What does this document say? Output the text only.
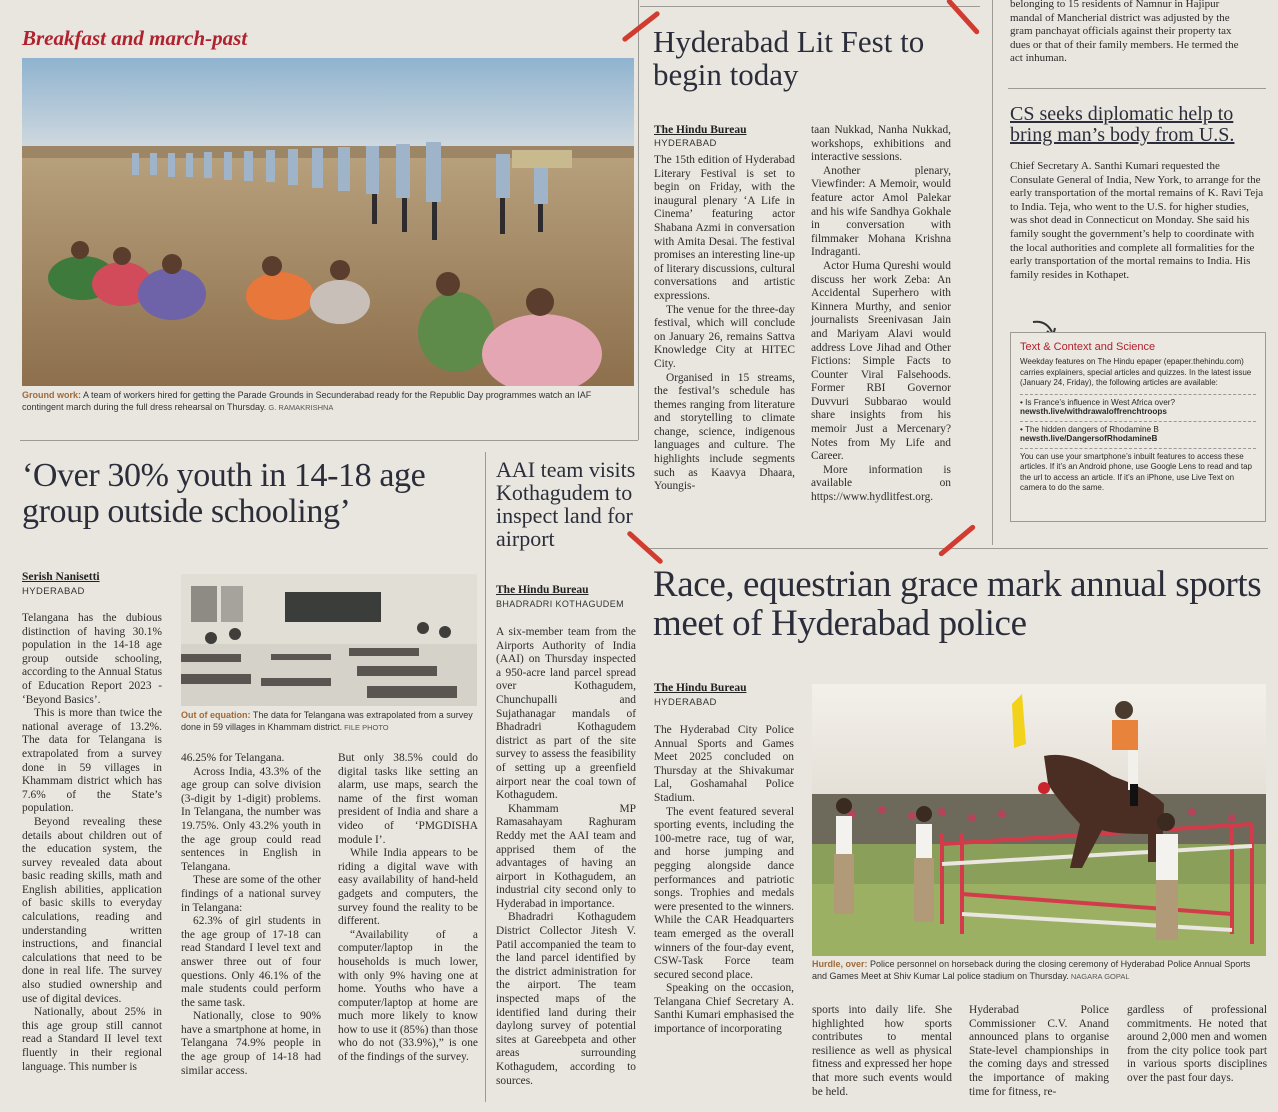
Breakfast and march-past
Ground work: A team of workers hired for getting the Parade Grounds in Secunderabad ready for the Republic Day programmes watch an IAF contingent march during the full dress rehearsal on Thursday. G. RAMAKRISHNA
Hyderabad Lit Fest to begin today
The Hindu Bureau
HYDERABAD

The 15th edition of Hyderabad Literary Festival is set to begin on Friday, with the inaugural plenary ‘A Life in Cinema’ featuring actor Shabana Azmi in conversation with Amita Desai. The festival promises an interesting line-up of literary discussions, cultural conversations and artistic expressions.

The venue for the three-day festival, which will conclude on January 26, remains Sattva Knowledge City at HITEC City.

Organised in 15 streams, the festival’s schedule has themes ranging from literature and storytelling to climate change, science, indigenous languages and culture. The highlights include segments such as Kaavya Dhaara, Youngis-

taan Nukkad, Nanha Nukkad, workshops, exhibitions and interactive sessions.

Another plenary, Viewfinder: A Memoir, would feature actor Amol Palekar and his wife Sandhya Gokhale in conversation with filmmaker Mohana Krishna Indraganti.

Actor Huma Qureshi would discuss her work Zeba: An Accidental Superhero with Kinnera Murthy, and senior journalists Sreenivasan Jain and Mariyam Alavi would address Love Jihad and Other Fictions: Simple Facts to Counter Viral Falsehoods. Former RBI Governor Duvvuri Subbarao would share insights from his memoir Just a Mercenary? Notes from My Life and Career.

More information is available on https://www.hydlitfest.org.

belonging to 15 residents of Namnur in Hajipur mandal of Mancherial district was adjusted by the gram panchayat officials against their property tax dues or that of their family members. He termed the act inhuman.
CS seeks diplomatic help to bring man’s body from U.S.
Chief Secretary A. Santhi Kumari requested the Consulate General of India, New York, to arrange for the early transportation of the mortal remains of K. Ravi Teja to India. Teja, who went to the U.S. for higher studies, was shot dead in Connecticut on Monday. She said his family sought the government’s help to coordinate with the local authorities and complete all formalities for the early transportation of the mortal remains to India. His family resides in Kothapet.
Text & Context and Science
Weekday features on The Hindu epaper (epaper.thehindu.com) carries explainers, special articles and quizzes. In the latest issue (January 24, Friday), the following articles are available:
• Is France’s influence in West Africa over?
newsth.live/withdrawaloffrenchtroops
• The hidden dangers of Rhodamine B
newsth.live/DangersofRhodamineB
You can use your smartphone’s inbuilt features to access these articles. If it’s an Android phone, use Google Lens to read and tap the url to access an article. If it’s an iPhone, use Live Text on camera to do the same.
‘Over 30% youth in 14-18 age group outside schooling’
Serish Nanisetti
HYDERABAD
Out of equation: The data for Telangana was extrapolated from a survey done in 59 villages in Khammam district. FILE PHOTO

Telangana has the dubious distinction of having 30.1% population in the 14-18 age group outside schooling, according to the Annual Status of Education Report 2023 - ‘Beyond Basics’.

This is more than twice the national average of 13.2%. The data for Telangana is extrapolated from a survey done in 59 villages in Khammam district which has 7.6% of the State’s population.

Beyond revealing these details about children out of the education system, the survey revealed data about basic reading skills, math and English abilities, application of basic skills to everyday calculations, reading and understanding written instructions, and financial calculations that need to be done in real life. The survey also studied ownership and use of digital devices.

Nationally, about 25% in this age group still cannot read a Standard II level text fluently in their regional language. This number is

46.25% for Telangana.

Across India, 43.3% of the age group can solve division (3-digit by 1-digit) problems. In Telangana, the number was 19.75%. Only 43.2% youth in the age group could read sentences in English in Telangana.

These are some of the other findings of a national survey in Telangana:

62.3% of girl students in the age group of 17-18 can read Standard I level text and answer three out of four questions. Only 46.1% of the male students could perform the same task.

Nationally, close to 90% have a smartphone at home, in Telangana 74.9% people in the age group of 14-18 had similar access.

But only 38.5% could do digital tasks like setting an alarm, use maps, search the name of the first woman president of India and share a video of ‘PMGDISHA module I’.

While India appears to be riding a digital wave with easy availability of hand-held gadgets and computers, the survey found the reality to be different.

“Availability of a computer/laptop in the households is much lower, with only 9% having one at home. Youths who have a computer/laptop at home are much more likely to know how to use it (85%) than those who do not (33.9%),” is one of the findings of the survey.

AAI team visits Kothagudem to inspect land for airport
The Hindu Bureau
BHADRADRI KOTHAGUDEM

A six-member team from the Airports Authority of India (AAI) on Thursday inspected a 950-acre land parcel spread over Kothagudem, Chunchupalli and Sujathanagar mandals of Bhadradri Kothagudem district as part of the site survey to assess the feasibility of setting up a greenfield airport near the coal town of Kothagudem.

Khammam MP Ramasahayam Raghuram Reddy met the AAI team and apprised them of the advantages of having an airport in Kothagudem, an industrial city second only to Hyderabad in importance.

Bhadradri Kothagudem District Collector Jitesh V. Patil accompanied the team to the land parcel identified by the district administration for the airport. The team inspected maps of the identified land during their daylong survey of potential sites at Gareebpeta and other areas surrounding Kothagudem, according to sources.

Race, equestrian grace mark annual sports meet of Hyderabad police
The Hindu Bureau
HYDERABAD

The Hyderabad City Police Annual Sports and Games Meet 2025 concluded on Thursday at the Shivakumar Lal, Goshamahal Police Stadium.

The event featured several sporting events, including the 100-metre race, tug of war, and horse jumping and pegging alongside dance performances and patriotic songs. Trophies and medals were presented to the winners. While the CAR Headquarters team emerged as the overall winners of the four-day event, CSW-Task Force team secured second place.

Speaking on the occasion, Telangana Chief Secretary A. Santhi Kumari emphasised the importance of incorporating

Hurdle, over: Police personnel on horseback during the closing ceremony of Hyderabad Police Annual Sports and Games Meet at Shiv Kumar Lal police stadium on Thursday. NAGARA GOPAL
sports into daily life. She highlighted how sports contributes to mental resilience as well as physical fitness and expressed her hope that more such events would be held.
Hyderabad Police Commissioner C.V. Anand announced plans to organise State-level championships in the coming days and stressed the importance of making time for fitness, re-
gardless of professional commitments. He noted that around 2,000 men and women from the city police took part in various sports disciplines over the past four days.
